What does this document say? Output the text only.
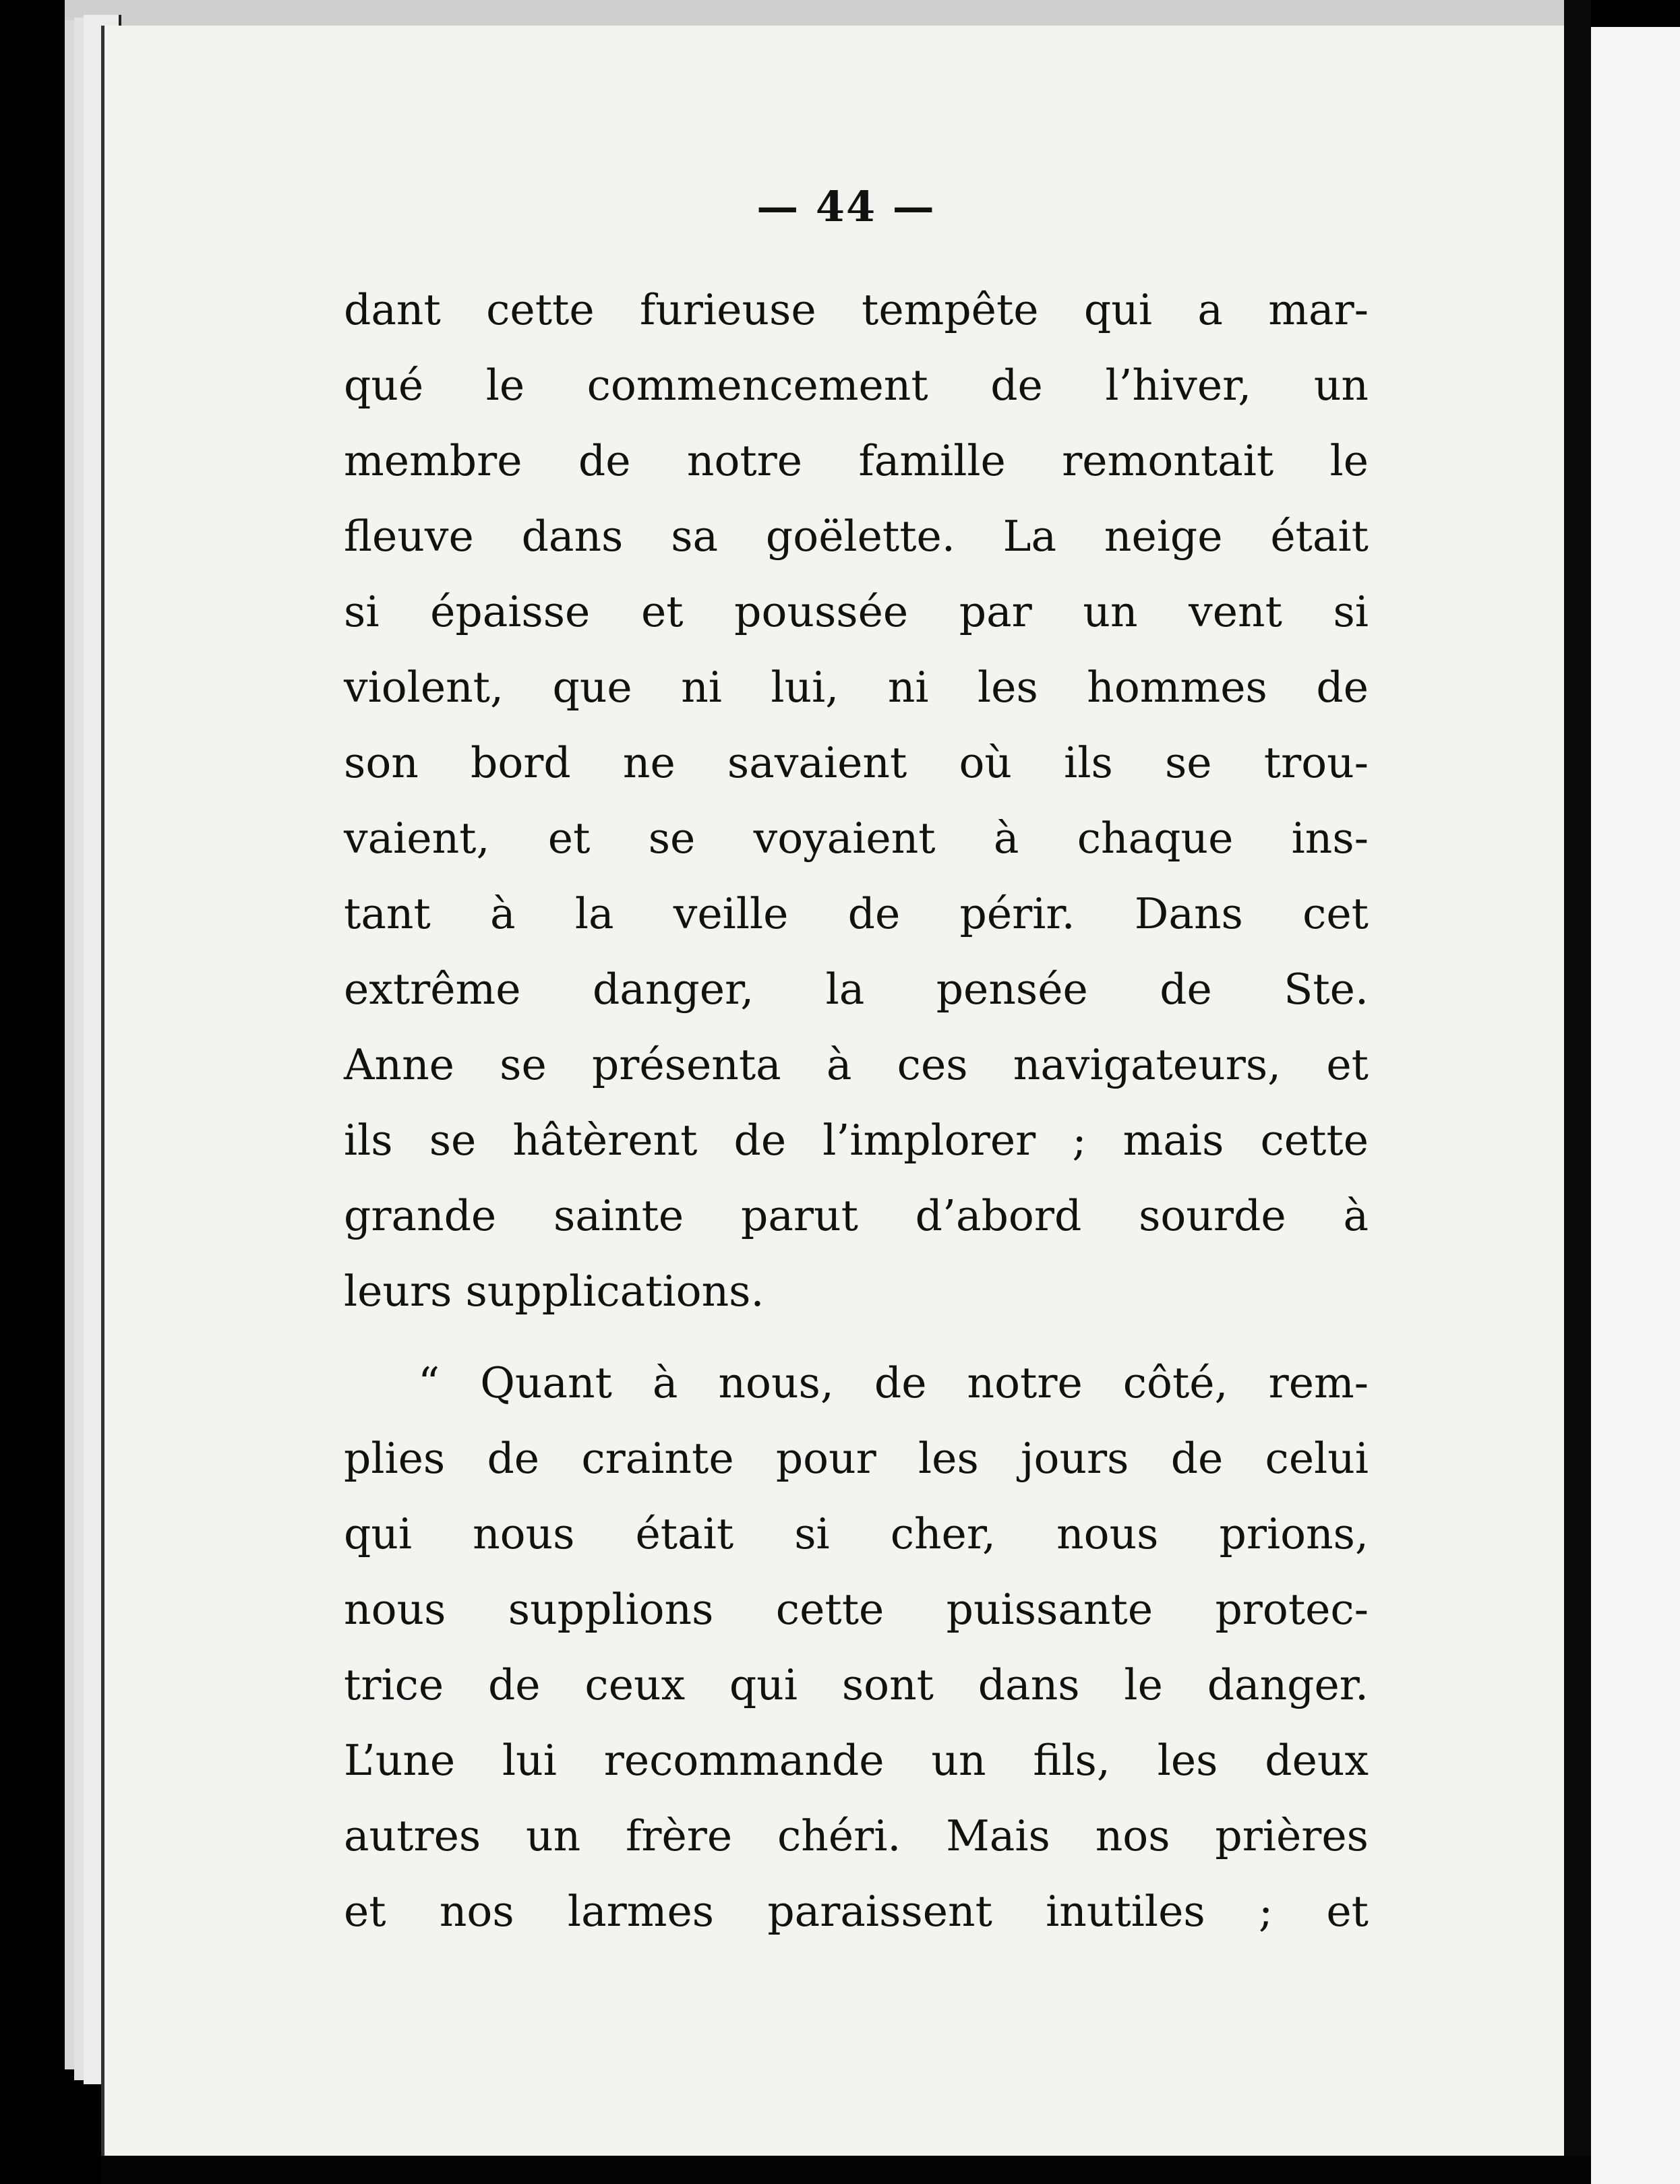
— 44 —
dant cette furieuse tempête qui a mar-
qué le commencement de l’hiver, un
membre de notre famille remontait le
fleuve dans sa goëlette. La neige était
si épaisse et poussée par un vent si
violent, que ni lui, ni les hommes de
son bord ne savaient où ils se trou-
vaient, et se voyaient à chaque ins-
tant à la veille de périr. Dans cet
extrême danger, la pensée de Ste.
Anne se présenta à ces navigateurs, et
ils se hâtèrent de l’implorer ; mais cette
grande sainte parut d’abord sourde à
leurs supplications.
“ Quant à nous, de notre côté, rem-
plies de crainte pour les jours de celui
qui nous était si cher, nous prions,
nous supplions cette puissante protec-
trice de ceux qui sont dans le danger.
L’une lui recommande un fils, les deux
autres un frère chéri. Mais nos prières
et nos larmes paraissent inutiles ; et
